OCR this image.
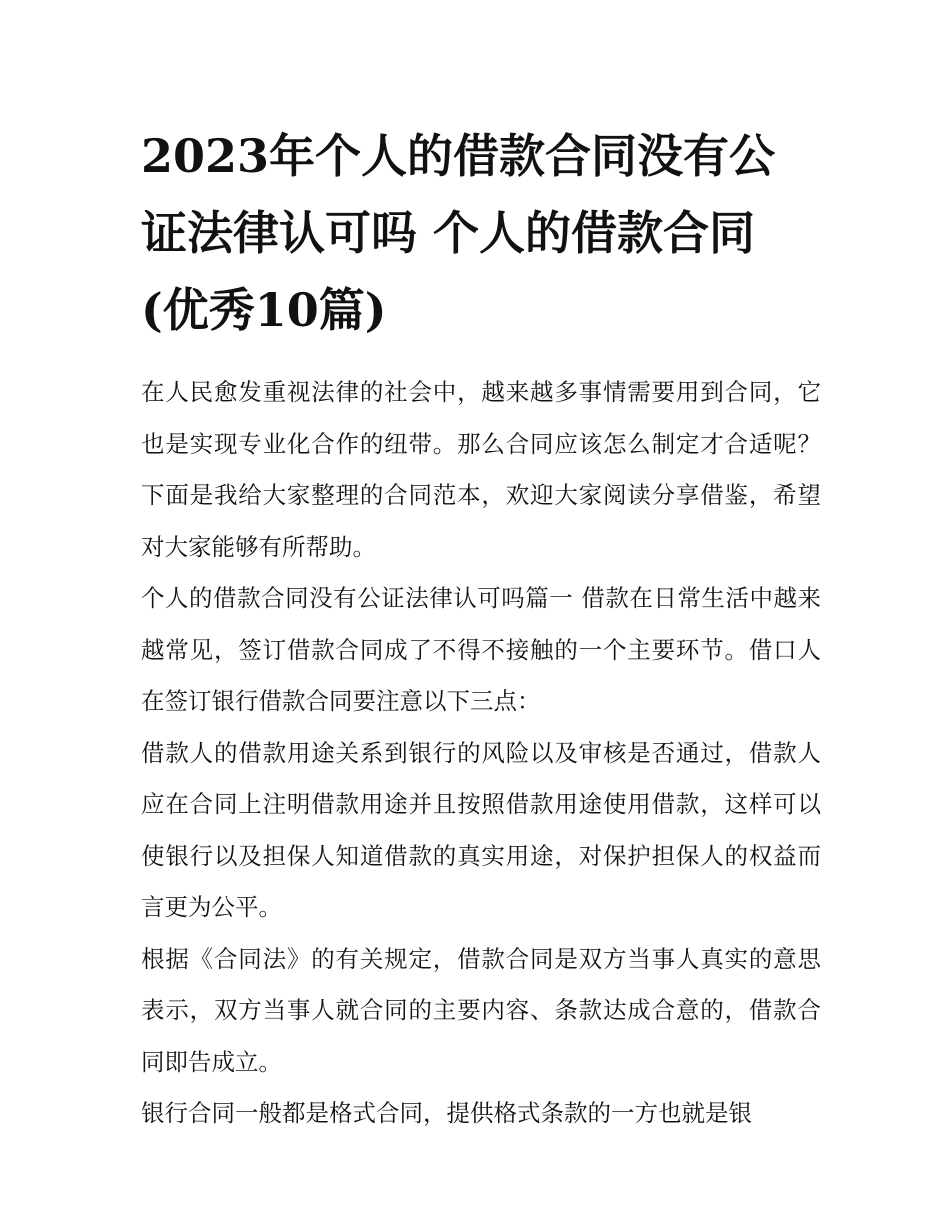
2023年个人的借款合同没有公证法律认可吗 个人的借款合同(优秀10篇)

在人民愈发重视法律的社会中，越来越多事情需要用到合同，它也是实现专业化合作的纽带。那么合同应该怎么制定才合适呢？下面是我给大家整理的合同范本，欢迎大家阅读分享借鉴，希望对大家能够有所帮助。

个人的借款合同没有公证法律认可吗篇一 借款在日常生活中越来越常见，签订借款合同成了不得不接触的一个主要环节。借口人在签订银行借款合同要注意以下三点：

借款人的借款用途关系到银行的风险以及审核是否通过，借款人应在合同上注明借款用途并且按照借款用途使用借款，这样可以使银行以及担保人知道借款的真实用途，对保护担保人的权益而言更为公平。

根据《合同法》的有关规定，借款合同是双方当事人真实的意思表示，双方当事人就合同的主要内容、条款达成合意的，借款合同即告成立。

银行合同一般都是格式合同，提供格式条款的一方也就是银
